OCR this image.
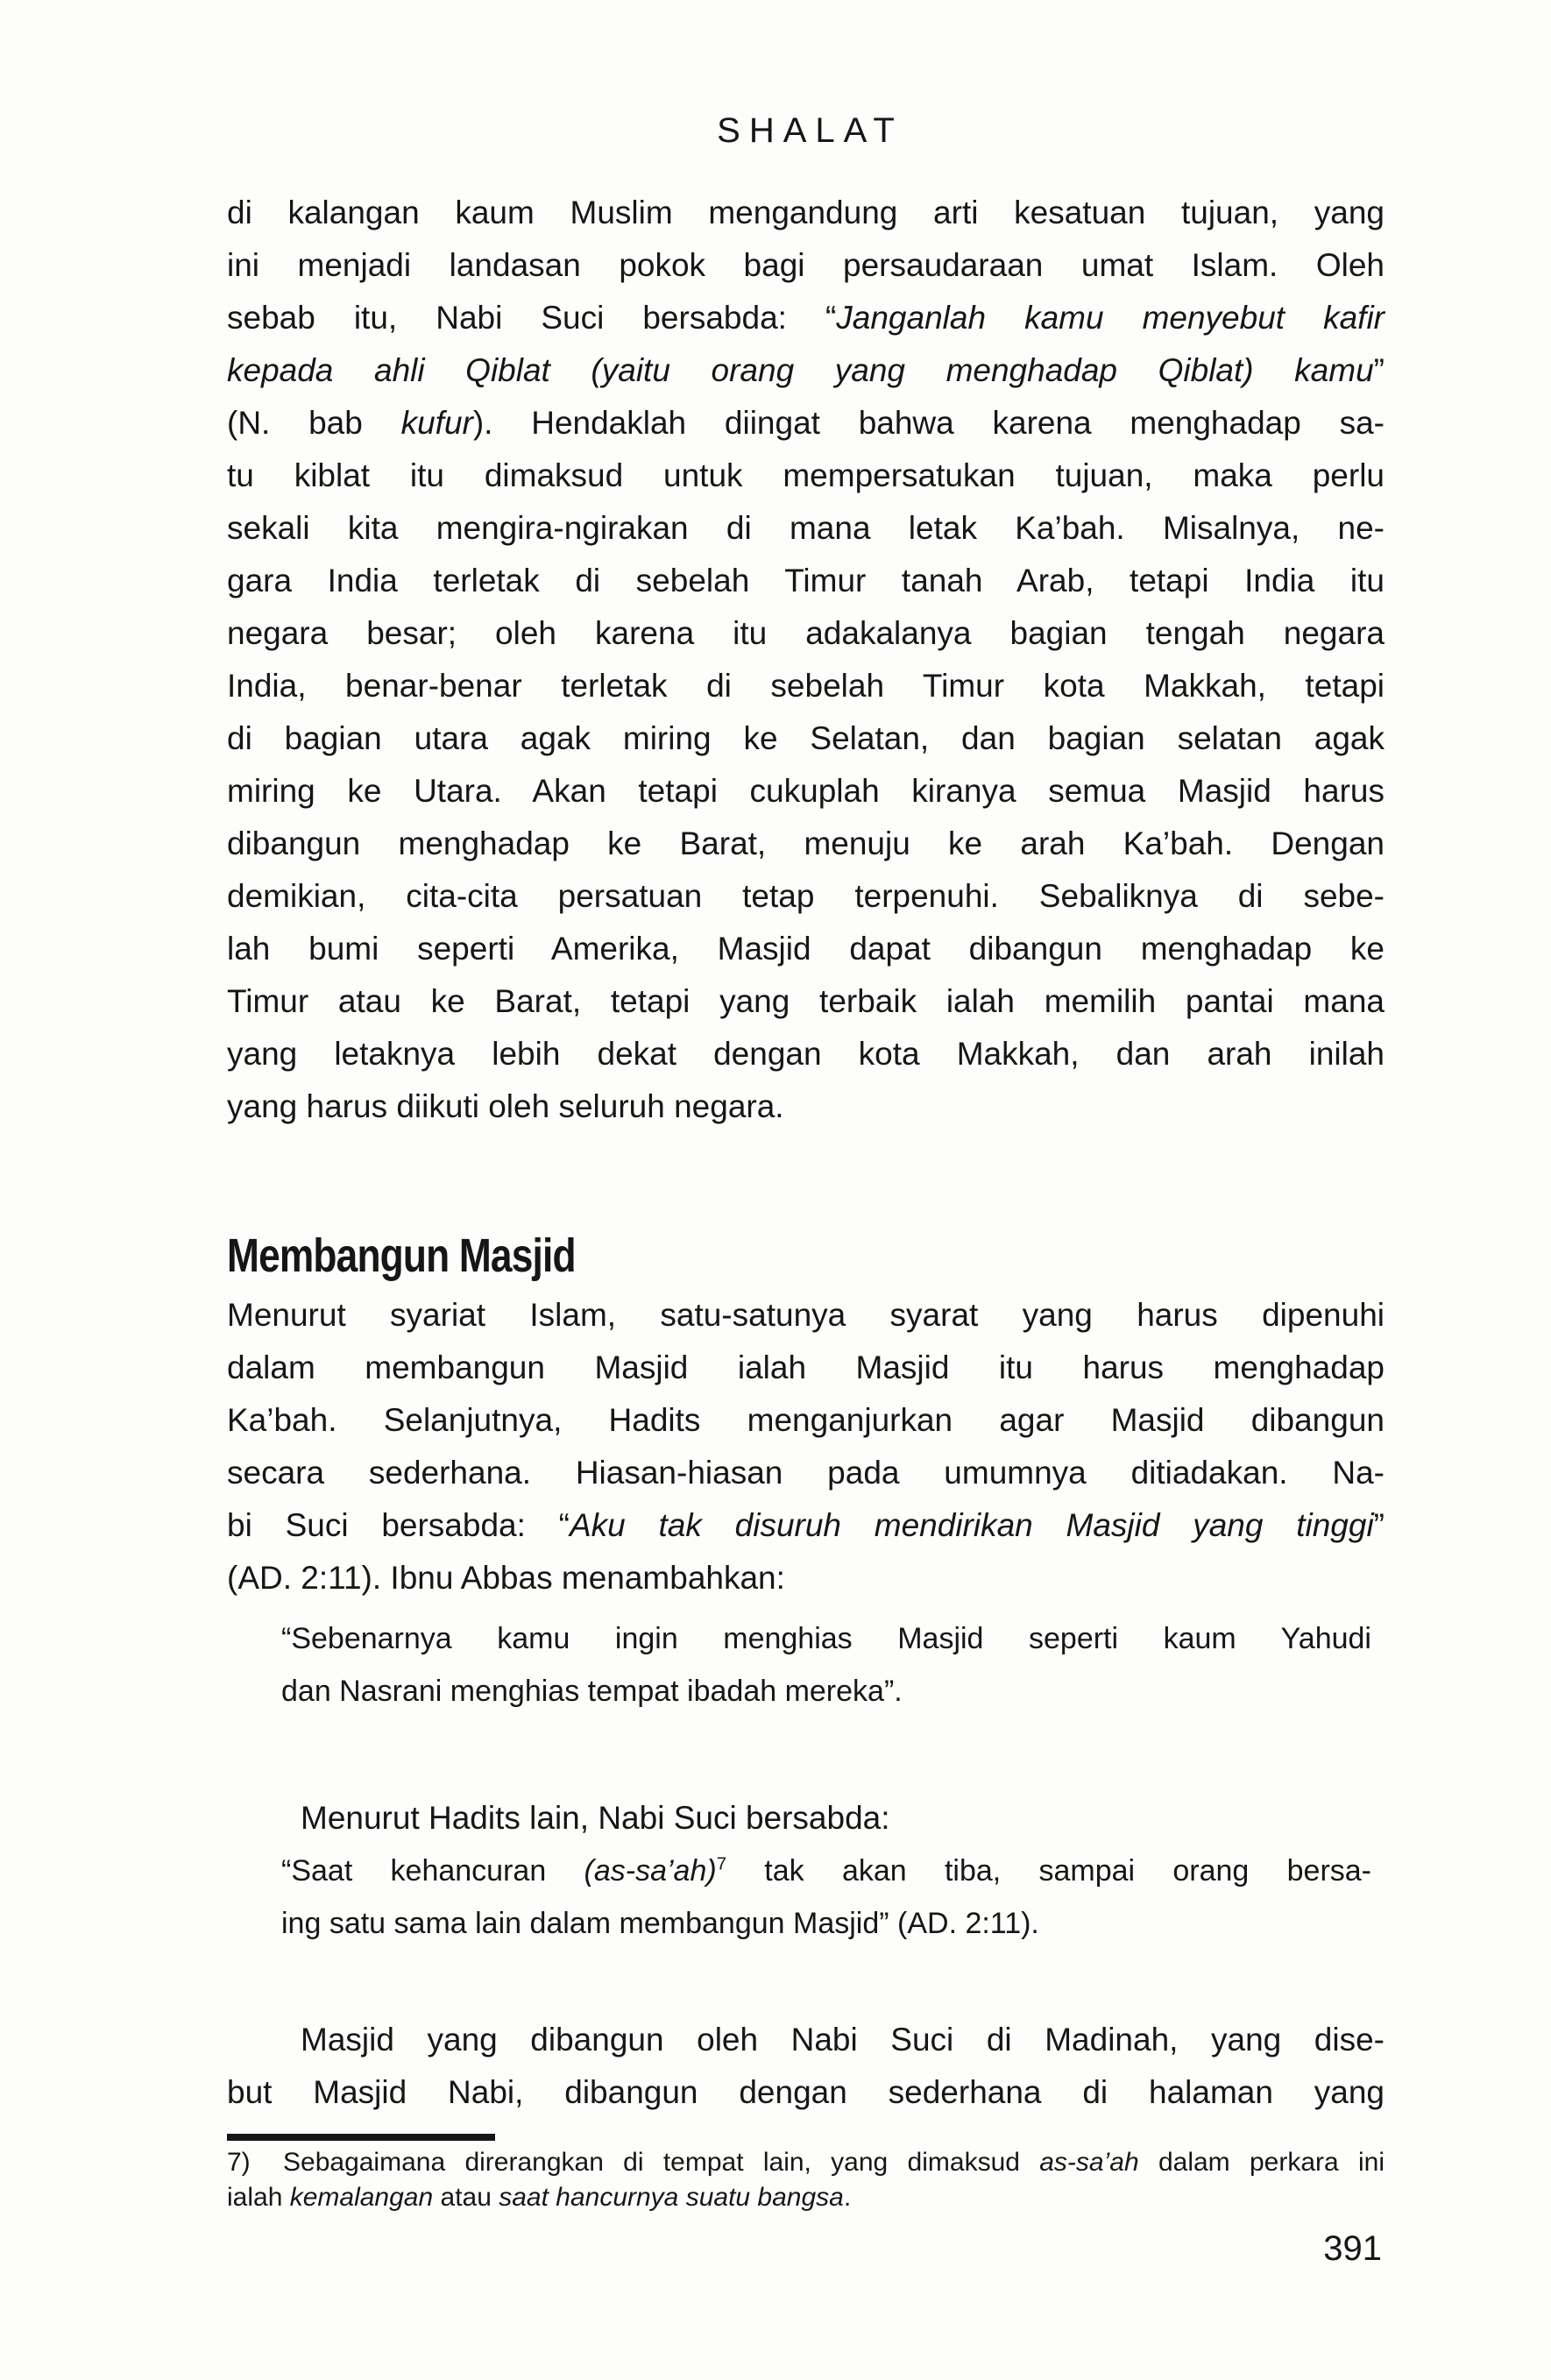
SHALAT
di kalangan kaum Muslim mengandung arti kesatuan tujuan, yang
ini menjadi landasan pokok bagi persaudaraan umat Islam. Oleh
sebab itu, Nabi Suci bersabda: “Janganlah kamu menyebut kafir
kepada ahli Qiblat (yaitu orang yang menghadap Qiblat) kamu”
(N. bab kufur). Hendaklah diingat bahwa karena menghadap sa-
tu kiblat itu dimaksud untuk mempersatukan tujuan, maka perlu
sekali kita mengira-ngirakan di mana letak Ka’bah. Misalnya, ne-
gara India terletak di sebelah Timur tanah Arab, tetapi India itu
negara besar; oleh karena itu adakalanya bagian tengah negara
India, benar-benar terletak di sebelah Timur kota Makkah, tetapi
di bagian utara agak miring ke Selatan, dan bagian selatan agak
miring ke Utara. Akan tetapi cukuplah kiranya semua Masjid harus
dibangun menghadap ke Barat, menuju ke arah Ka’bah. Dengan
demikian, cita-cita persatuan tetap terpenuhi. Sebaliknya di sebe-
lah bumi seperti Amerika, Masjid dapat dibangun menghadap ke
Timur atau ke Barat, tetapi yang terbaik ialah memilih pantai mana
yang letaknya lebih dekat dengan kota Makkah, dan arah inilah
yang harus diikuti oleh seluruh negara.
Membangun Masjid
Menurut syariat Islam, satu-satunya syarat yang harus dipenuhi
dalam membangun Masjid ialah Masjid itu harus menghadap
Ka’bah. Selanjutnya, Hadits menganjurkan agar Masjid dibangun
secara sederhana. Hiasan-hiasan pada umumnya ditiadakan. Na-
bi Suci bersabda: “Aku tak disuruh mendirikan Masjid yang tinggi”
(AD. 2:11). Ibnu Abbas menambahkan:
“Sebenarnya kamu ingin menghias Masjid seperti kaum Yahudi
dan Nasrani menghias tempat ibadah mereka”.
Menurut Hadits lain, Nabi Suci bersabda:
“Saat kehancuran (as-sa’ah)$^7$ tak akan tiba, sampai orang bersa-
ing satu sama lain dalam membangun Masjid” (AD. 2:11).
Masjid yang dibangun oleh Nabi Suci di Madinah, yang dise-
but Masjid Nabi, dibangun dengan sederhana di halaman yang
7) Sebagaimana direrangkan di tempat lain, yang dimaksud as-sa’ah dalam perkara ini
ialah kemalangan atau saat hancurnya suatu bangsa.
391
